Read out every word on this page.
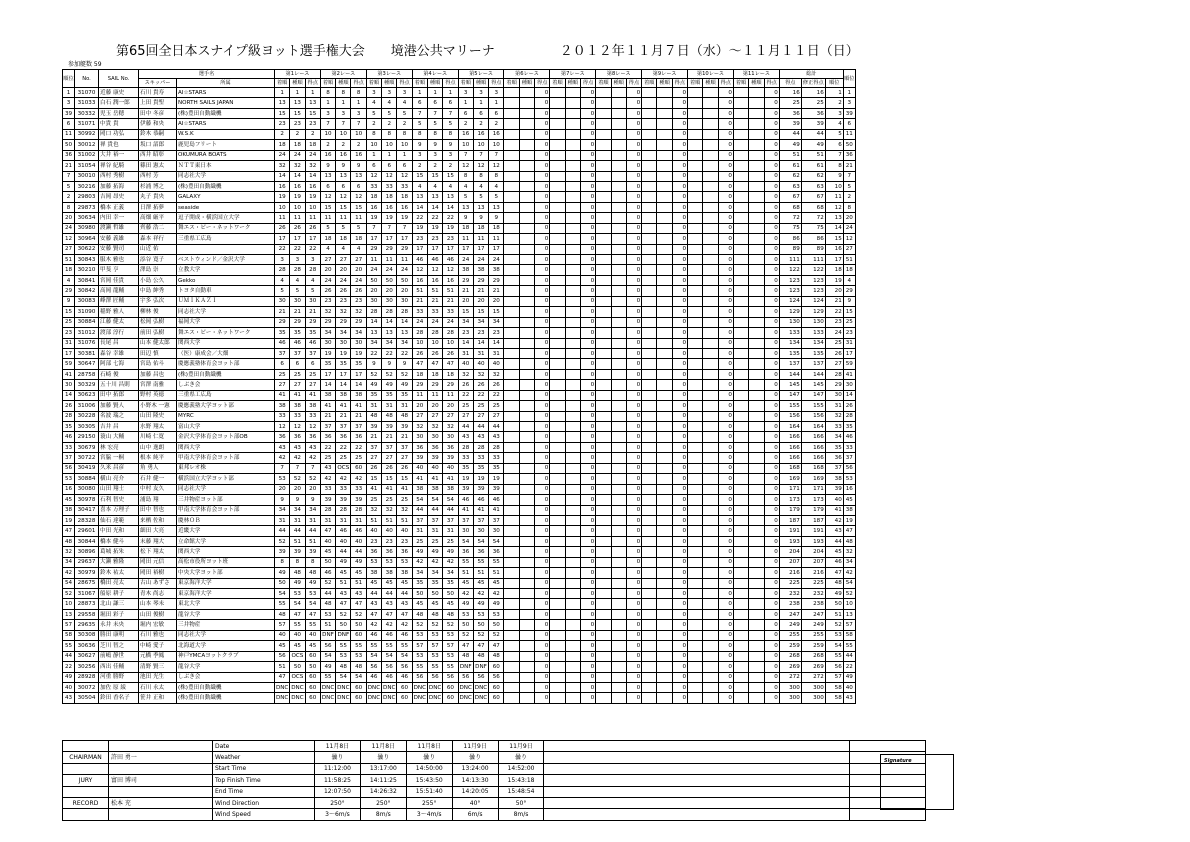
第65回全日本スナイプ級ヨット選手権大会　　境港公共マリーナ　　　　　２０１２年１１月７日（水）～１１月１１日（日）
参加艇数 59
順位	No.	SAIL No.	選手名		第1レース			第2レース			第3レース			第4レース			第5レース			第6レース			第7レース			第8レース			第9レース			第10レース			第11レース			総計			順位
			スキッパー	所属	着順	種順	得点	着順	種順	得点	着順	種順	得点	着順	種順	得点	着順	種順	得点	着順	種順	得点	着順	種順	得点	着順	種順	得点	着順	種順	得点	着順	種順	得点	着順	種順	得点	得点	修正得点	順位	
1	31070	近藤 康史	石川 貴寿	AI☆STARS	1	1	1	8	8	8	3	3	3	1	1	1	3	3	3			0			0			0			0			0			0	16	16	1	1
3	31033	白石 潤一郎	上田 貴聖	NORTH SAILS JAPAN	13	13	13	1	1	1	4	4	4	6	6	6	1	1	1			0			0			0			0			0			0	25	25	2	3
39	30332	児玉 岳穂	田中 冬彦	(株)豊田自動織機	15	15	15	3	3	3	5	5	5	7	7	7	6	6	6			0			0			0			0			0			0	36	36	3	39
6	31071	中貴 貴	伊藤 和央	AI☆STARS	23	23	23	7	7	7	2	2	2	5	5	5	2	2	2			0			0			0			0			0			0	39	39	4	6
11	30992	岡口 功弘	鈴木 恭嗣	W.S.K	2	2	2	10	10	10	8	8	8	8	8	8	16	16	16			0			0			0			0			0			0	44	44	5	11
50	30012	禅 貴也	坂口 詔郎	鹿児島フリート	18	18	18	2	2	2	10	10	10	9	9	9	10	10	10			0			0			0			0			0			0	49	49	6	50
36	31002	大井 裕一	西井 昭彰	OKUMURA BOATS	24	24	24	16	16	16	1	1	1	3	3	3	7	7	7			0			0			0			0			0			0	51	51	7	36
21	31054	禅谷 紀騎	篠田 憲太	ＮＴＴ東日本	32	32	32	9	9	9	6	6	6	2	2	2	12	12	12			0			0			0			0			0			0	61	61	8	21
7	30010	西村 秀樹	西村 芳	同志社大学	14	14	14	13	13	13	12	12	12	15	15	15	8	8	8			0			0			0			0			0			0	62	62	9	7
5	30216	加藤 拓海	杉浦 博之	(株)豊田自動織機	16	16	16	6	6	6	33	33	33	4	4	4	4	4	4			0			0			0			0			0			0	63	63	10	5
2	29803	吉岡 昂史	丸子 貴央	GALAXY	19	19	19	12	12	12	18	18	18	13	13	13	5	5	5			0			0			0			0			0			0	67	67	11	2
8	29873	橋本 正義	日澤 拓夢	seaside	10	10	10	15	15	15	16	16	16	14	14	14	13	13	13			0			0			0			0			0			0	68	68	12	8
20	30634	内田 幸一	高畑 厳平	逗子開成・横浜国立大学	11	11	11	11	11	11	19	19	19	22	22	22	9	9	9			0			0			0			0			0			0	72	72	13	20
24	30980	渡瀬 哲雄	齊藤 浩二	舞エス・ピー・ネットワーク	26	26	26	5	5	5	7	7	7	19	19	19	18	18	18			0			0			0			0			0			0	75	75	14	24
12	30964	安藤 義雄	森本 祥行	三重県工広島	17	17	17	18	18	18	17	17	17	23	23	23	11	11	11			0			0			0			0			0			0	86	86	15	12
27	30622	安藤 賢司	山近 佑		22	22	22	4	4	4	29	29	29	17	17	17	17	17	17			0			0			0			0			0			0	89	89	16	27
51	30843	服木 雅也	添谷 寛子	ベストウィンド／金沢大学	3	3	3	27	27	27	11	11	11	46	46	46	24	24	24			0			0			0			0			0			0	111	111	17	51
18	30210	甲斐 亨	澤島 崇	立教大学	28	28	28	20	20	20	24	24	24	12	12	12	38	38	38			0			0			0			0			0			0	122	122	18	18
4	30841	宮岡 佳貴	小島 公久	Gekko	4	4	4	24	24	24	50	50	50	16	16	16	29	29	29			0			0			0			0			0			0	123	123	19	4
29	30842	高岡 龍輔	中島 紳秀	トヨタ自動車	5	5	5	26	26	26	20	20	20	51	51	51	21	21	21			0			0			0			0			0			0	123	123	20	29
9	30083	峰澤 匠輔	宇多 弘次	ＵＭＩＫＡＺＩ	30	30	30	23	23	23	30	30	30	21	21	21	20	20	20			0			0			0			0			0			0	124	124	21	9
15	31090	稲野 雅人	柳林 俊	同志社大学	21	21	21	32	32	32	28	28	28	33	33	33	15	15	15			0			0			0			0			0			0	129	129	22	15
25	30884	江藤 健太	松岡 弘樹	福岡大学	29	29	29	29	29	29	14	14	14	24	24	24	34	34	34			0			0			0			0			0			0	130	130	23	25
23	31012	渡部 淳行	前田 弘樹	舞エス・ピー・ネットワーク	35	35	35	34	34	34	13	13	13	28	28	28	23	23	23			0			0			0			0			0			0	133	133	24	23
31	31076	長尾 昌	山本 健太郎	関西大学	46	46	46	30	30	30	34	34	34	10	10	10	14	14	14			0			0			0			0			0			0	134	134	25	31
17	30381	森谷 幸雄	田辺 慎	（医）康成会／大畑	37	37	37	19	19	19	22	22	22	26	26	26	31	31	31			0			0			0			0			0			0	135	135	26	17
59	30647	阿部 七海	宮島 佑斗	慶應義塾体育会ヨット部	6	6	6	35	35	35	9	9	9	47	47	47	40	40	40			0			0			0			0			0			0	137	137	27	59
41	28758	石崎 俊	加藤 昌也	(株)豊田自動織機	25	25	25	17	17	17	52	52	52	18	18	18	32	32	32			0			0			0			0			0			0	144	144	28	41
30	30329	五十川 昌則	宮澤 南雅	しぶき会	27	27	27	14	14	14	49	49	49	29	29	29	26	26	26			0			0			0			0			0			0	145	145	29	30
14	30623	田中 拓郎	野村 英徳	三重県工広島	41	41	41	38	38	38	35	35	35	11	11	11	22	22	22			0			0			0			0			0			0	147	147	30	14
26	31006	加藤 賢人	小野木 一憲	慶應義塾大学ヨット部	38	38	38	41	41	41	31	31	31	20	20	20	25	25	25			0			0			0			0			0			0	155	155	31	26
28	30228	名波 瑞之	山田 隆史	MYRC	33	33	33	21	21	21	48	48	48	27	27	27	27	27	27			0			0			0			0			0			0	156	156	32	28
35	30305	吉井 昌	水野 翔太	富山大学	12	12	12	37	37	37	39	39	39	32	32	32	44	44	44			0			0			0			0			0			0	164	164	33	35
46	29150	蓑山 大輔	川崎 仁寛	金沢大学体育会ヨット部OB	36	36	36	36	36	36	21	21	21	30	30	30	43	43	43			0			0			0			0			0			0	166	166	34	46
33	30679	林 宏亮	山中 逸朗	関西大学	43	43	43	22	22	22	37	37	37	36	36	36	28	28	28			0			0			0			0			0			0	166	166	35	33
37	30722	宮脇 一桐	根本 純平	甲南大学体育会ヨット部	42	42	42	25	25	25	27	27	27	39	39	39	33	33	33			0			0			0			0			0			0	166	166	36	37
56	30419	久米 昌彦	角 勇人	東邦レオ株	7	7	7	43	OCS	60	26	26	26	40	40	40	35	35	35			0			0			0			0			0			0	168	168	37	56
53	30884	横山 亮介	石井 健一	横浜国立大学ヨット部	53	52	52	42	42	42	15	15	15	41	41	41	19	19	19			0			0			0			0			0			0	169	169	38	53
16	30080	山田 翔士	中村 友久	同志社大学	20	20	20	33	33	33	41	41	41	38	38	38	39	39	39			0			0			0			0			0			0	171	171	39	16
45	30978	石利 智史	浦島 翔	三井物産ヨット部	9	9	9	39	39	39	25	25	25	54	54	54	46	46	46			0			0			0			0			0			0	173	173	40	45
38	30417	喜本 万理子	田中 智也	甲南大学体育会ヨット部	34	34	34	28	28	28	32	32	32	44	44	44	41	41	41			0			0			0			0			0			0	179	179	41	38
19	28328	仙石 達範	来栖 佐和	慶林ＯＢ	31	31	31	31	31	31	51	51	51	37	37	37	37	37	37			0			0			0			0			0			0	187	187	42	19
47	29601	中田 光和	細田 大亮	近畿大学	44	44	44	47	46	46	40	40	40	31	31	31	30	30	30			0			0			0			0			0			0	191	191	43	47
48	30844	橋本 健斗	末藤 翔大	立命館大学	52	51	51	40	40	40	23	23	23	25	25	25	54	54	54			0			0			0			0			0			0	193	193	44	48
32	30896	葛城 拓朱	松下 翔太	関西大学	39	39	39	45	44	44	36	36	36	49	49	49	36	36	36			0			0			0			0			0			0	204	204	45	32
34	29637	大瀬 雅隆	岡田 元信	高松市役所ヨット班	8	8	8	50	49	49	53	53	53	42	42	42	55	55	55			0			0			0			0			0			0	207	207	46	34
42	30979	鈴木 祐太	岡田 裕樹	中央大学ヨット部	49	48	48	46	45	45	38	38	38	34	34	34	51	51	51			0			0			0			0			0			0	216	216	47	42
54	28675	橋田 亮太	古山 あずさ	東京海洋大学	50	49	49	52	51	51	45	45	45	35	35	35	45	45	45			0			0			0			0			0			0	225	225	48	54
52	31067	船原 耕子	青木 尚志	東京海洋大学	54	53	53	44	43	43	44	44	44	50	50	50	42	42	42			0			0			0			0			0			0	232	232	49	52
10	28873	北山 謙三	山本 琴未	東北大学	55	54	54	48	47	47	43	43	43	45	45	45	49	49	49			0			0			0			0			0			0	238	238	50	10
13	29558	堀田 彩子	山田 俊樹	龍谷大学	48	47	47	53	52	52	47	47	47	48	48	48	53	53	53			0			0			0			0			0			0	247	247	51	13
57	29635	永井 未央	堀内 宏敏	三井物産	57	55	55	51	50	50	42	42	42	52	52	52	50	50	50			0			0			0			0			0			0	249	249	52	57
58	30308	勝田 康明	石川 雅也	同志社大学	40	40	40	DNF	DNF	60	46	46	46	53	53	53	52	52	52			0			0			0			0			0			0	255	255	53	58
55	30636	芝川 智之	中崎 愛子	北海道大学	45	45	45	56	55	55	55	55	55	57	57	57	47	47	47			0			0			0			0			0			0	259	259	54	55
44	30627	前嶋 静世	元橋 季鳳	神戸YMCAヨットクラブ	56	OCS	60	54	53	53	54	54	54	53	53	53	48	48	48			0			0			0			0			0			0	268	268	55	44
22	30256	西出 佳輔	清野 賢三	龍谷大学	51	50	50	49	48	48	56	56	56	55	55	55	DNF	DNF	60			0			0			0			0			0			0	269	269	56	22
49	28928	河重 勝野	池田 光生	しぶき会	47	OCS	60	55	54	54	46	46	46	56	56	56	56	56	56			0			0			0			0			0			0	272	272	57	49
40	30072	加佐 原 綾	石川 永太	(株)豊田自動織機	DNC	DNC	60	DNC	DNC	60	DNC	DNC	60	DNC	DNC	60	DNC	DNC	60			0			0			0			0			0			0	300	300	58	40
43	30504	鈴田 香名子	笹井 正和	(株)豊田自動織機	DNC	DNC	60	DNC	DNC	60	DNC	DNC	60	DNC	DNC	60	DNC	DNC	60			0			0			0			0			0			0	300	300	58	43
		Date	11月8日	11月8日	11月8日	11月9日	11月9日		
CHAIRMAN	許田 勇一	Weather	曇り	曇り	曇り	曇り	曇り		
		Start Time	11:12:00	13:17:00	14:50:00	13:24:00	14:52:00		
JURY	富田 博司	Top Finish Time	11:58:25	14:11:25	15:43:50	14:13:30	15:43:18		
		End Time	12:07:50	14:26:32	15:51:40	14:20:05	15:48:54		
RECORD	松本 充	Wind Direction	250°	250°	255°	40°	50°		
		Wind Speed	3～6m/s	8m/s	3～4m/s	6m/s	8m/s		
Signature
